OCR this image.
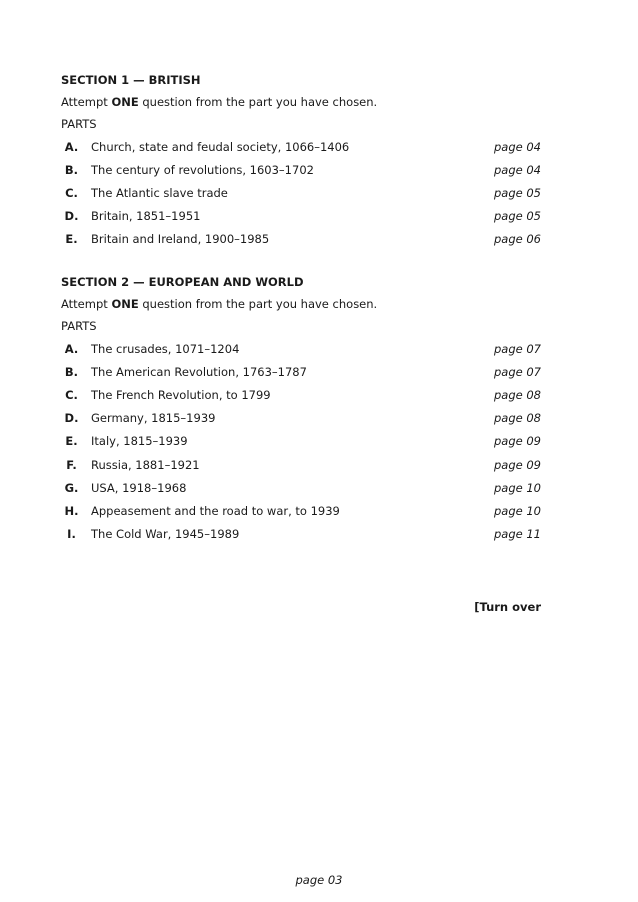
SECTION 1 — BRITISH
Attempt ONE question from the part you have chosen.
PARTS
A.	Church, state and feudal society, 1066–1406	page 04
B.	The century of revolutions, 1603–1702	page 04
C.	The Atlantic slave trade	page 05
D.	Britain, 1851–1951	page 05
E.	Britain and Ireland, 1900–1985	page 06
SECTION 2 — EUROPEAN AND WORLD
Attempt ONE question from the part you have chosen.
PARTS
A.	The crusades, 1071–1204	page 07
B.	The American Revolution, 1763–1787	page 07
C.	The French Revolution, to 1799	page 08
D.	Germany, 1815–1939	page 08
E.	Italy, 1815–1939	page 09
F.	Russia, 1881–1921	page 09
G.	USA, 1918–1968	page 10
H.	Appeasement and the road to war, to 1939	page 10
I.	The Cold War, 1945–1989	page 11
[Turn over
page 03
